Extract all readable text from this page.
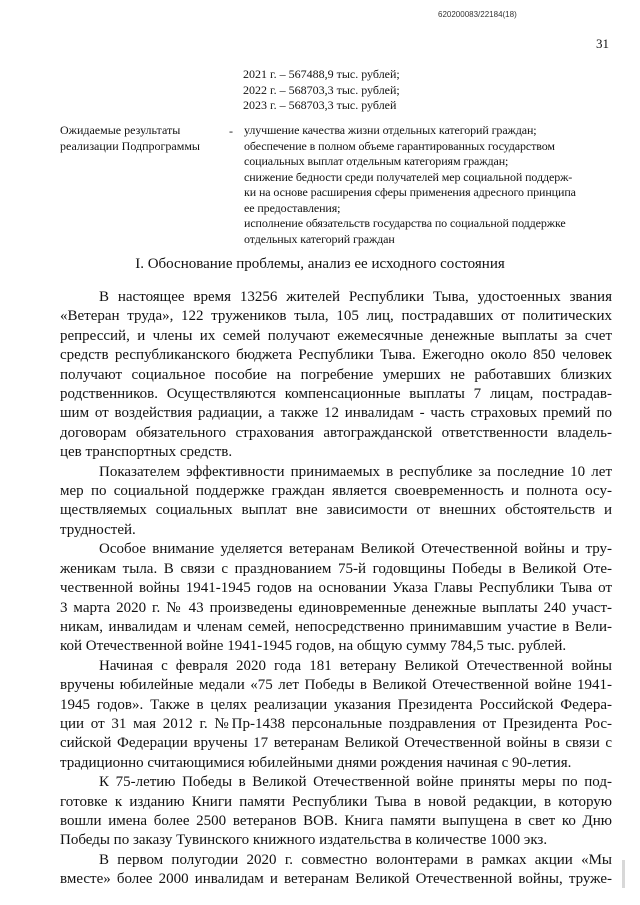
620200083/22184(18)
31
2021 г. – 567488,9 тыс. рублей;
2022 г. – 568703,3 тыс. рублей;
2023 г. – 568703,3 тыс. рублей
Ожидаемые результаты
реализации Подпрограммы
- улучшение качества жизни отдельных категорий граждан;
обеспечение в полном объеме гарантированных государством
социальных выплат отдельным категориям граждан;
снижение бедности среди получателей мер социальной поддерж-
ки на основе расширения сферы применения адресного принципа
ее предоставления;
исполнение обязательств государства по социальной поддержке
отдельных категорий граждан
I. Обоснование проблемы, анализ ее исходного состояния
В настоящее время 13256 жителей Республики Тыва, удостоенных звания
«Ветеран труда», 122 тружеников тыла, 105 лиц, пострадавших от политических
репрессий, и члены их семей получают ежемесячные денежные выплаты за счет
средств республиканского бюджета Республики Тыва. Ежегодно около 850 человек
получают социальное пособие на погребение умерших не работавших близких
родственников. Осуществляются компенсационные выплаты 7 лицам, пострадав-
шим от воздействия радиации, а также 12 инвалидам - часть страховых премий по
договорам обязательного страхования автогражданской ответственности владель-
цев транспортных средств.
Показателем эффективности принимаемых в республике за последние 10 лет
мер по социальной поддержке граждан является своевременность и полнота осу-
ществляемых социальных выплат вне зависимости от внешних обстоятельств и
трудностей.
Особое внимание уделяется ветеранам Великой Отечественной войны и тру-
женикам тыла. В связи с празднованием 75-й годовщины Победы в Великой Оте-
чественной войны 1941-1945 годов на основании Указа Главы Республики Тыва от
3 марта 2020 г. № 43 произведены единовременные денежные выплаты 240 участ-
никам, инвалидам и членам семей, непосредственно принимавшим участие в Вели-
кой Отечественной войне 1941-1945 годов, на общую сумму 784,5 тыс. рублей.
Начиная с февраля 2020 года 181 ветерану Великой Отечественной войны
вручены юбилейные медали «75 лет Победы в Великой Отечественной войне 1941-
1945 годов». Также в целях реализации указания Президента Российской Федера-
ции от 31 мая 2012 г. №Пр-1438 персональные поздравления от Президента Рос-
сийской Федерации вручены 17 ветеранам Великой Отечественной войны в связи с
традиционно считающимися юбилейными днями рождения начиная с 90-летия.
К 75-летию Победы в Великой Отечественной войне приняты меры по под-
готовке к изданию Книги памяти Республики Тыва в новой редакции, в которую
вошли имена более 2500 ветеранов ВОВ. Книга памяти выпущена в свет ко Дню
Победы по заказу Тувинского книжного издательства в количестве 1000 экз.
В первом полугодии 2020 г. совместно волонтерами в рамках акции «Мы
вместе» более 2000 инвалидам и ветеранам Великой Отечественной войны, труже-
